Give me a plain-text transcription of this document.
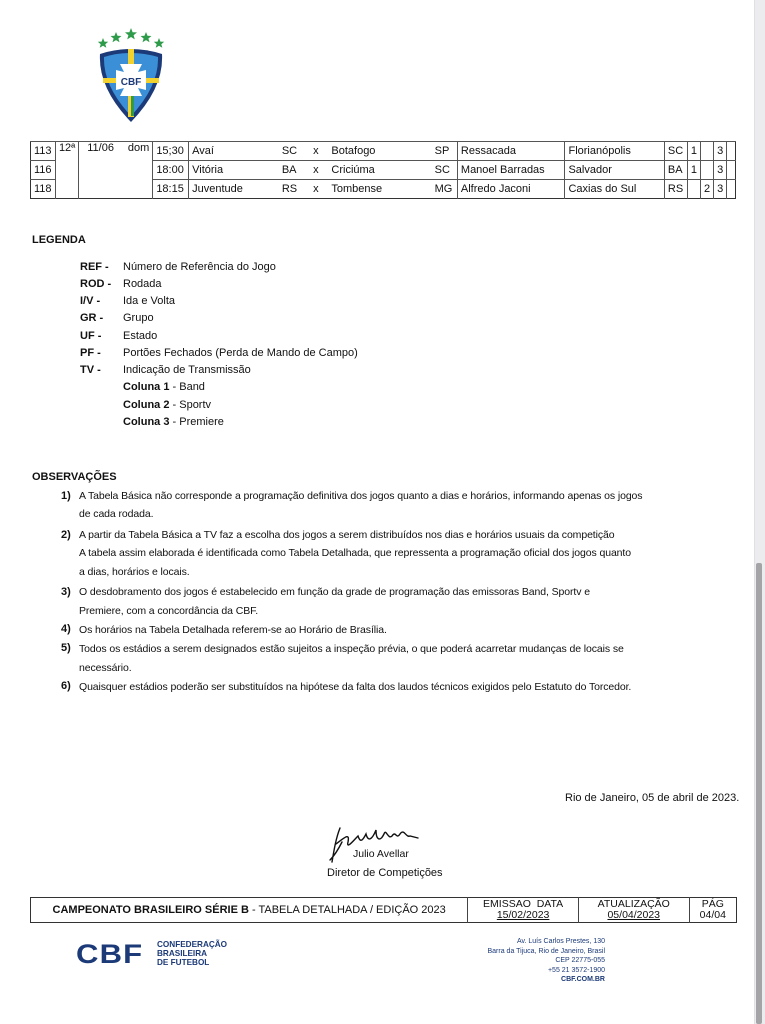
CBF
113	12ª	11/06	dom	15;30	Avaí	SC	x	Botafogo	SP	Ressacada	Florianópolis	SC	1		3	
116				18:00	Vitória	BA	x	Criciúma	SC	Manoel Barradas	Salvador	BA	1		3	
118				18:15	Juventude	RS	x	Tombense	MG	Alfredo Jaconi	Caxias do Sul	RS		2	3	
LEGENDA
REF -	Número de Referência do Jogo
ROD -	Rodada
I/V -	Ida e Volta
GR -	Grupo
UF -	Estado
PF -	Portões Fechados (Perda de Mando de Campo)
TV -	Indicação de Transmissão
Coluna 1 - Band
Coluna 2 - Sportv
Coluna 3 - Premiere
OBSERVAÇÕES
1) A Tabela Básica não corresponde a programação definitiva dos jogos quanto a dias e horários, informando apenas os jogos
de cada rodada.
2) A partir da Tabela Básica a TV faz a escolha dos jogos a serem distribuídos nos dias e horários usuais da competição
A tabela assim elaborada é identificada como Tabela Detalhada, que repressenta a programação oficial dos jogos quanto
a dias, horários e locais.
3) O desdobramento dos jogos é estabelecido em função da grade de programação das emissoras Band, Sportv e
Premiere, com a concordância da CBF.
4) Os horários na Tabela Detalhada referem-se ao Horário de Brasília.
5) Todos os estádios a serem designados estão sujeitos a inspeção prévia, o que poderá acarretar mudanças de locais se
necessário.
6) Quaisquer estádios poderão ser substituídos na hipótese da falta dos laudos técnicos exigidos pelo Estatuto do Torcedor.
Rio de Janeiro, 05 de abril de 2023.
Julio Avellar
Diretor de Competições
CAMPEONATO BRASILEIRO SÉRIE B - TABELA DETALHADA / EDIÇÃO 2023	EMISSAO  DATA
15/02/2023

ATUALIZAÇÃO
05/04/2023

PÁG
04/04
CBF CONFEDERAÇÃO
BRASILEIRA
DE FUTEBOL
Av. Luís Carlos Prestes, 130
Barra da Tijuca, Rio de Janeiro, Brasil
CEP 22775-055
+55 21 3572-1900
CBF.COM.BR
